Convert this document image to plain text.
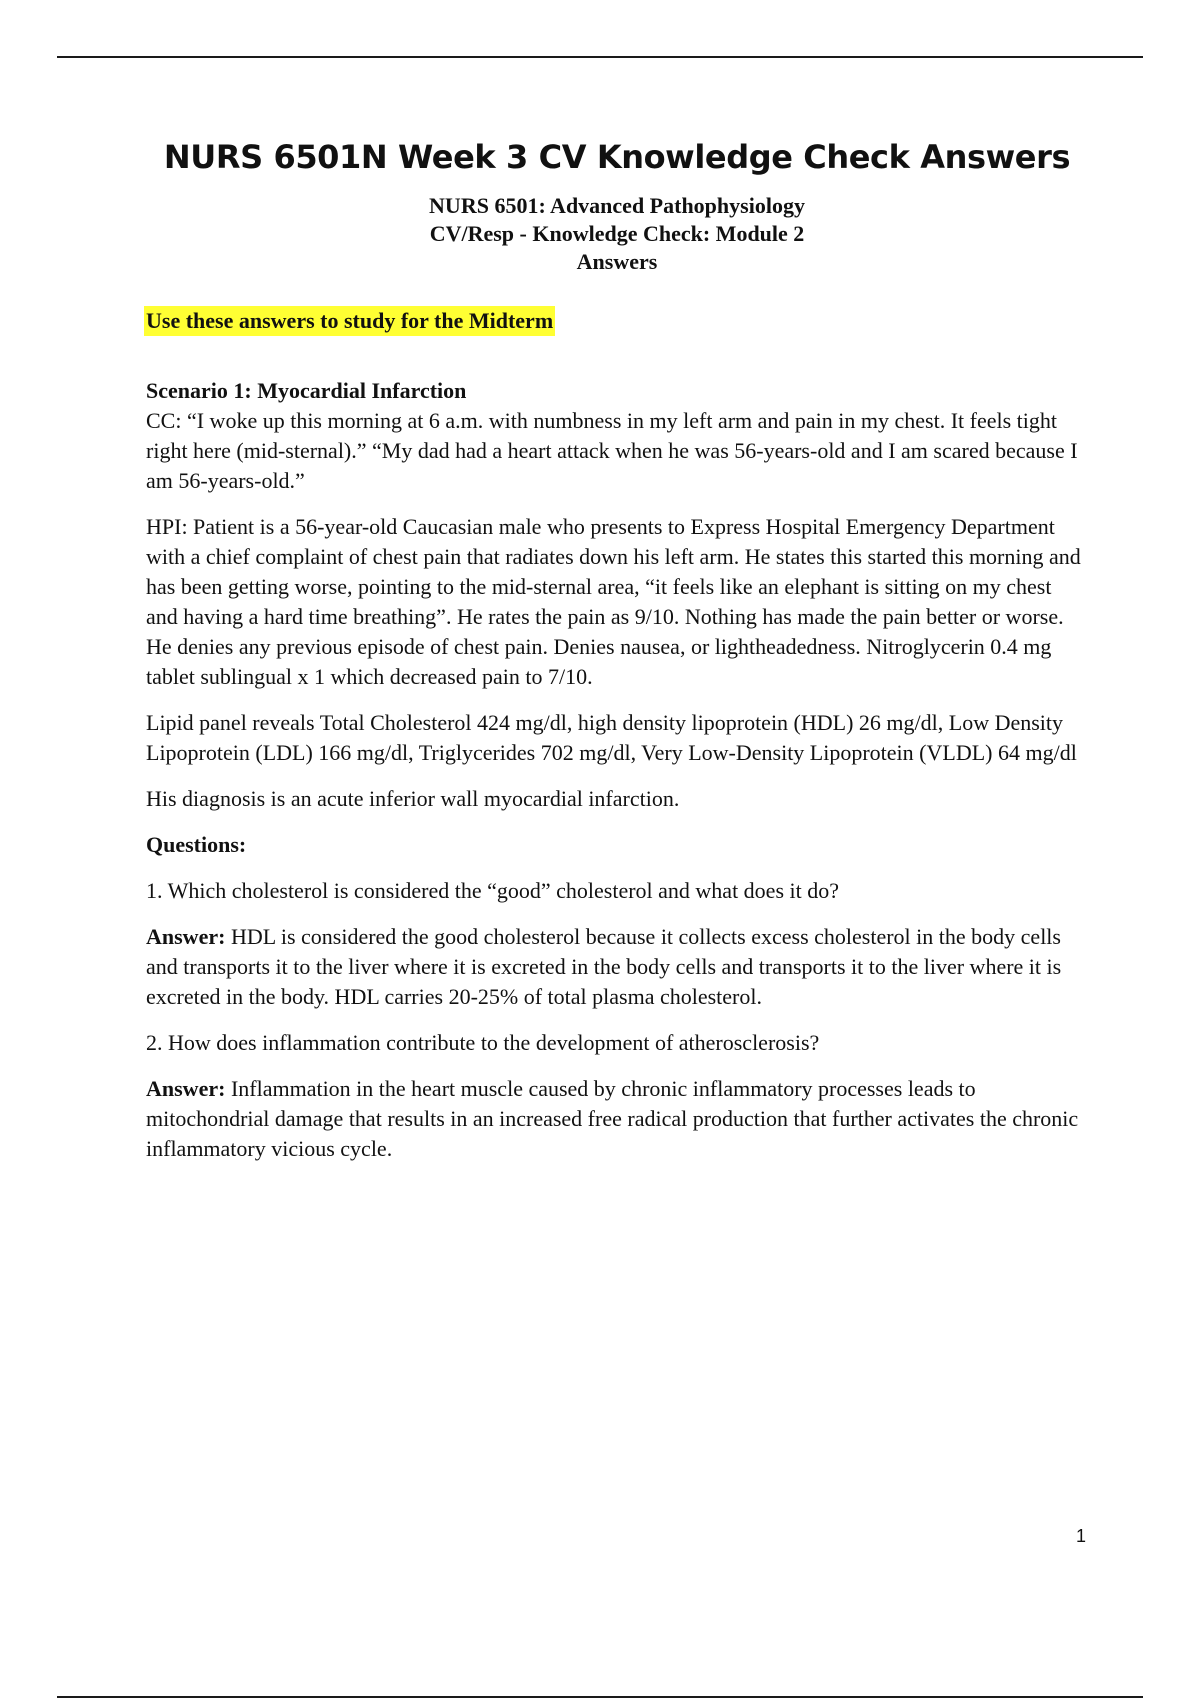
NURS 6501N Week 3 CV Knowledge Check Answers
NURS 6501: Advanced Pathophysiology
CV/Resp - Knowledge Check: Module 2
Answers
Use these answers to study for the Midterm

Scenario 1: Myocardial Infarction

CC: “I woke up this morning at 6 a.m. with numbness in my left arm and pain in my chest. It feels tight right here (mid-sternal).” “My dad had a heart attack when he was 56-years-old and I am scared because I am 56-years-old.”

HPI: Patient is a 56-year-old Caucasian male who presents to Express Hospital Emergency Department with a chief complaint of chest pain that radiates down his left arm. He states this started this morning and has been getting worse, pointing to the mid-sternal area, “it feels like an elephant is sitting on my chest and having a hard time breathing”. He rates the pain as 9/10. Nothing has made the pain better or worse. He denies any previous episode of chest pain. Denies nausea, or lightheadedness. Nitroglycerin 0.4 mg tablet sublingual x 1 which decreased pain to 7/10.

Lipid panel reveals Total Cholesterol 424 mg/dl, high density lipoprotein (HDL) 26 mg/dl, Low Density Lipoprotein (LDL) 166 mg/dl, Triglycerides 702 mg/dl, Very Low-Density Lipoprotein (VLDL) 64 mg/dl

His diagnosis is an acute inferior wall myocardial infarction.

Questions:

1. Which cholesterol is considered the “good” cholesterol and what does it do?

Answer: HDL is considered the good cholesterol because it collects excess cholesterol in the body cells and transports it to the liver where it is excreted in the body cells and transports it to the liver where it is excreted in the body. HDL carries 20-25% of total plasma cholesterol.

2. How does inflammation contribute to the development of atherosclerosis?

Answer: Inflammation in the heart muscle caused by chronic inflammatory processes leads to mitochondrial damage that results in an increased free radical production that further activates the chronic inflammatory vicious cycle.

1
